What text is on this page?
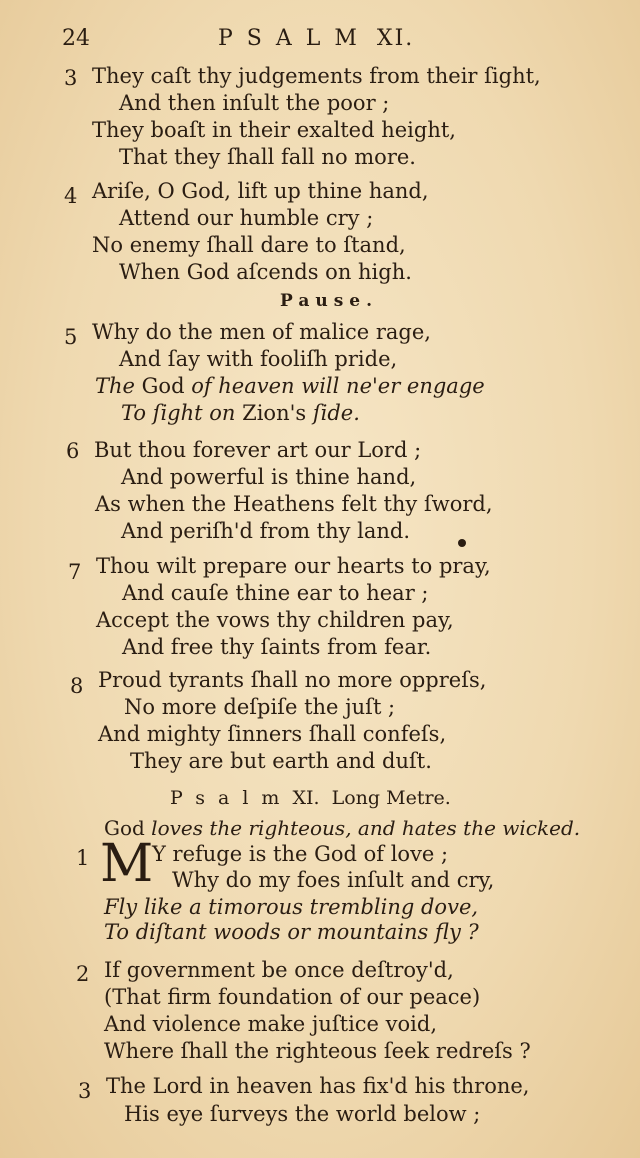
24	PSALM XI.
3 They caſt thy judgements from their ſight,
And then inſult the poor ;
They boaſt in their exalted height,
That they ſhall fall no more.
4 Ariſe, O God, lift up thine hand,
Attend our humble cry ;
No enemy ſhall dare to ſtand,
When God aſcends on high.
Pause.
5 Why do the men of malice rage,
And ſay with fooliſh pride,
The God of heaven will ne'er engage
To ſight on Zion's ſide.
6 But thou forever art our Lord ;
And powerful is thine hand,
As when the Heathens felt thy ſword,
And periſh'd from thy land.
7 Thou wilt prepare our hearts to pray,
And cauſe thine ear to hear ;
Accept the vows thy children pay,
And free thy ſaints from fear.
8 Proud tyrants ſhall no more oppreſs,
No more deſpiſe the juſt ;
And mighty ſinners ſhall confeſs,
They are but earth and duſt.
PsalmXI. Long Metre.
God loves the righteous, and hates the wicked.
1 M
Y refuge is the God of love ;
Why do my foes inſult and cry,
Fly like a timorous trembling dove,
To diſtant woods or mountains fly ?
2 If government be once deſtroy'd,
(That firm foundation of our peace)
And violence make juſtice void,
Where ſhall the righteous ſeek redreſs ?
3 The Lord in heaven has fix'd his throne,
His eye ſurveys the world below ;
